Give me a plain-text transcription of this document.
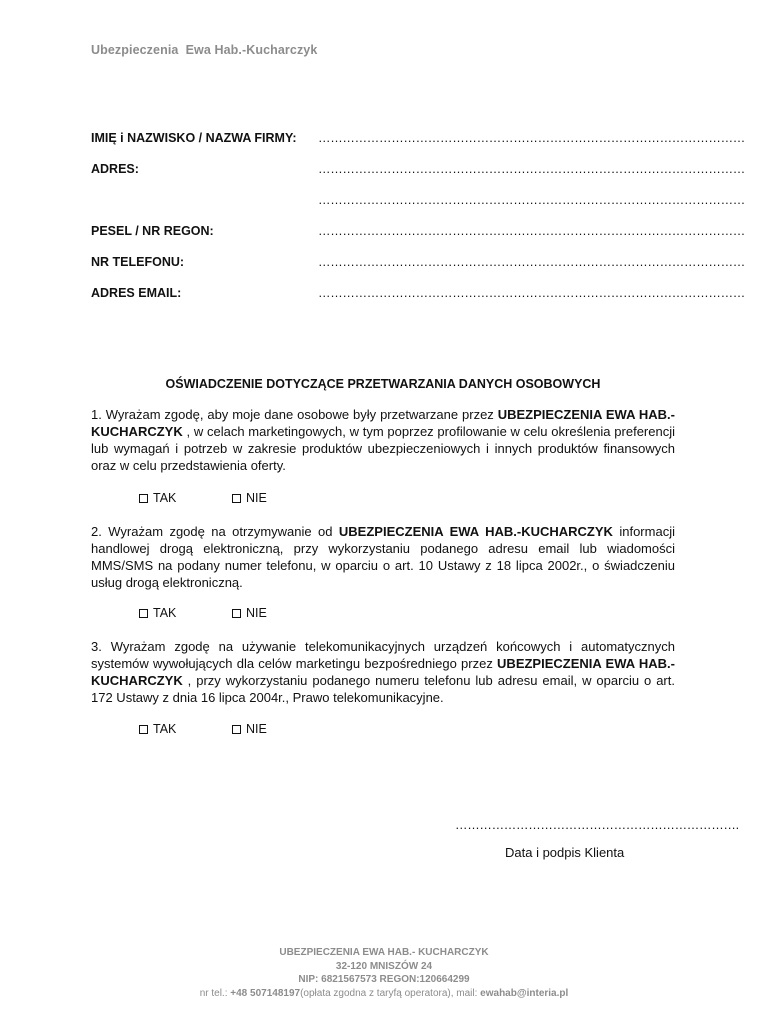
Ubezpieczenia  Ewa Hab.-Kucharczyk
IMIĘ i NAZWISKO / NAZWA FIRMY: ……………………………………………………………………………………………
ADRES:	……………………………………………………………………………………………
……………………………………………………………………………………………
PESEL / NR REGON:	……………………………………………………………………………………………
NR TELEFONU:	……………………………………………………………………………………………
ADRES EMAIL:	……………………………………………………………………………………………
OŚWIADCZENIE DOTYCZĄCE PRZETWARZANIA DANYCH OSOBOWYCH
1. Wyrażam zgodę, aby moje dane osobowe były przetwarzane przez UBEZPIECZENIA EWA HAB.-KUCHARCZYK , w celach marketingowych, w tym poprzez profilowanie w celu określenia preferencji lub wymagań i potrzeb w zakresie produktów ubezpieczeniowych i innych produktów finansowych oraz w celu przedstawienia oferty.
TAK	NIE
2. Wyrażam zgodę na otrzymywanie od UBEZPIECZENIA EWA HAB.-KUCHARCZYK informacji handlowej drogą elektroniczną, przy wykorzystaniu podanego adresu email lub wiadomości MMS/SMS na podany numer telefonu, w oparciu o art. 10 Ustawy z 18 lipca 2002r., o świadczeniu usług drogą elektroniczną.
TAK	NIE
3. Wyrażam zgodę na używanie telekomunikacyjnych urządzeń końcowych i automatycznych systemów wywołujących dla celów marketingu bezpośredniego przez UBEZPIECZENIA EWA HAB.-KUCHARCZYK , przy wykorzystaniu podanego numeru telefonu lub adresu email, w oparciu o art. 172 Ustawy z dnia 16 lipca 2004r., Prawo telekomunikacyjne.
TAK	NIE
…………………………………………………………….
Data i podpis Klienta
UBEZPIECZENIA EWA HAB.- KUCHARCZYK
32-120 MNISZÓW 24
NIP: 6821567573 REGON:120664299
nr tel.: +48 507148197(opłata zgodna z taryfą operatora), mail: ewahab@interia.pl
